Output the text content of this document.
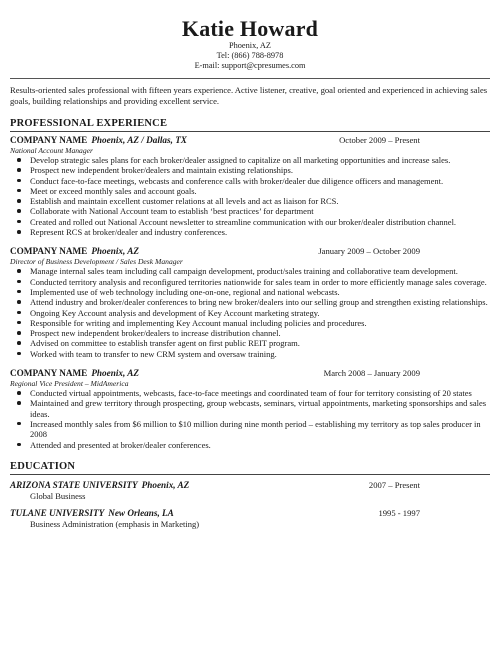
Katie Howard
Phoenix, AZ
Tel: (866) 788-8978
E-mail: support@cpresumes.com
Results-oriented sales professional with fifteen years experience. Active listener, creative, goal oriented and experienced in achieving sales goals, building relationships and providing excellent service.
PROFESSIONAL EXPERIENCE
COMPANY NAME Phoenix, AZ / Dallas, TX	October 2009 – Present
National Account Manager
Develop strategic sales plans for each broker/dealer assigned to capitalize on all marketing opportunities and increase sales.
Prospect new independent broker/dealers and maintain existing relationships.
Conduct face-to-face meetings, webcasts and conference calls with broker/dealer due diligence officers and management.
Meet or exceed monthly sales and account goals.
Establish and maintain excellent customer relations at all levels and act as liaison for RCS.
Collaborate with National Account team to establish ‘best practices’ for department
Created and rolled out National Account newsletter to streamline communication with our broker/dealer distribution channel.
Represent RCS at broker/dealer and industry conferences.
COMPANY NAME Phoenix, AZ	January 2009 – October 2009
Director of Business Development / Sales Desk Manager
Manage internal sales team including call campaign development, product/sales training and collaborative team development.
Conducted territory analysis and reconfigured territories nationwide for sales team in order to more efficiently manage sales coverage.
Implemented use of web technology including one-on-one, regional and national webcasts.
Attend industry and broker/dealer conferences to bring new broker/dealers into our selling group and strengthen existing relationships.
Ongoing Key Account analysis and development of Key Account marketing strategy.
Responsible for writing and implementing Key Account manual including policies and procedures.
Prospect new independent broker/dealers to increase distribution channel.
Advised on committee to establish transfer agent on first public REIT program.
Worked with team to transfer to new CRM system and oversaw training.
COMPANY NAME Phoenix, AZ	March 2008 – January 2009
Regional Vice President – MidAmerica
Conducted virtual appointments, webcasts, face-to-face meetings and coordinated team of four for territory consisting of 20 states
Maintained and grew territory through prospecting, group webcasts, seminars, virtual appointments, marketing sponsorships and sales ideas.
Increased monthly sales from $6 million to $10 million during nine month period – establishing my territory as top sales producer in 2008
Attended and presented at broker/dealer conferences.
EDUCATION
ARIZONA STATE UNIVERSITY Phoenix, AZ	2007 – Present
Global Business
TULANE UNIVERSITY New Orleans, LA	1995 - 1997
Business Administration (emphasis in Marketing)
